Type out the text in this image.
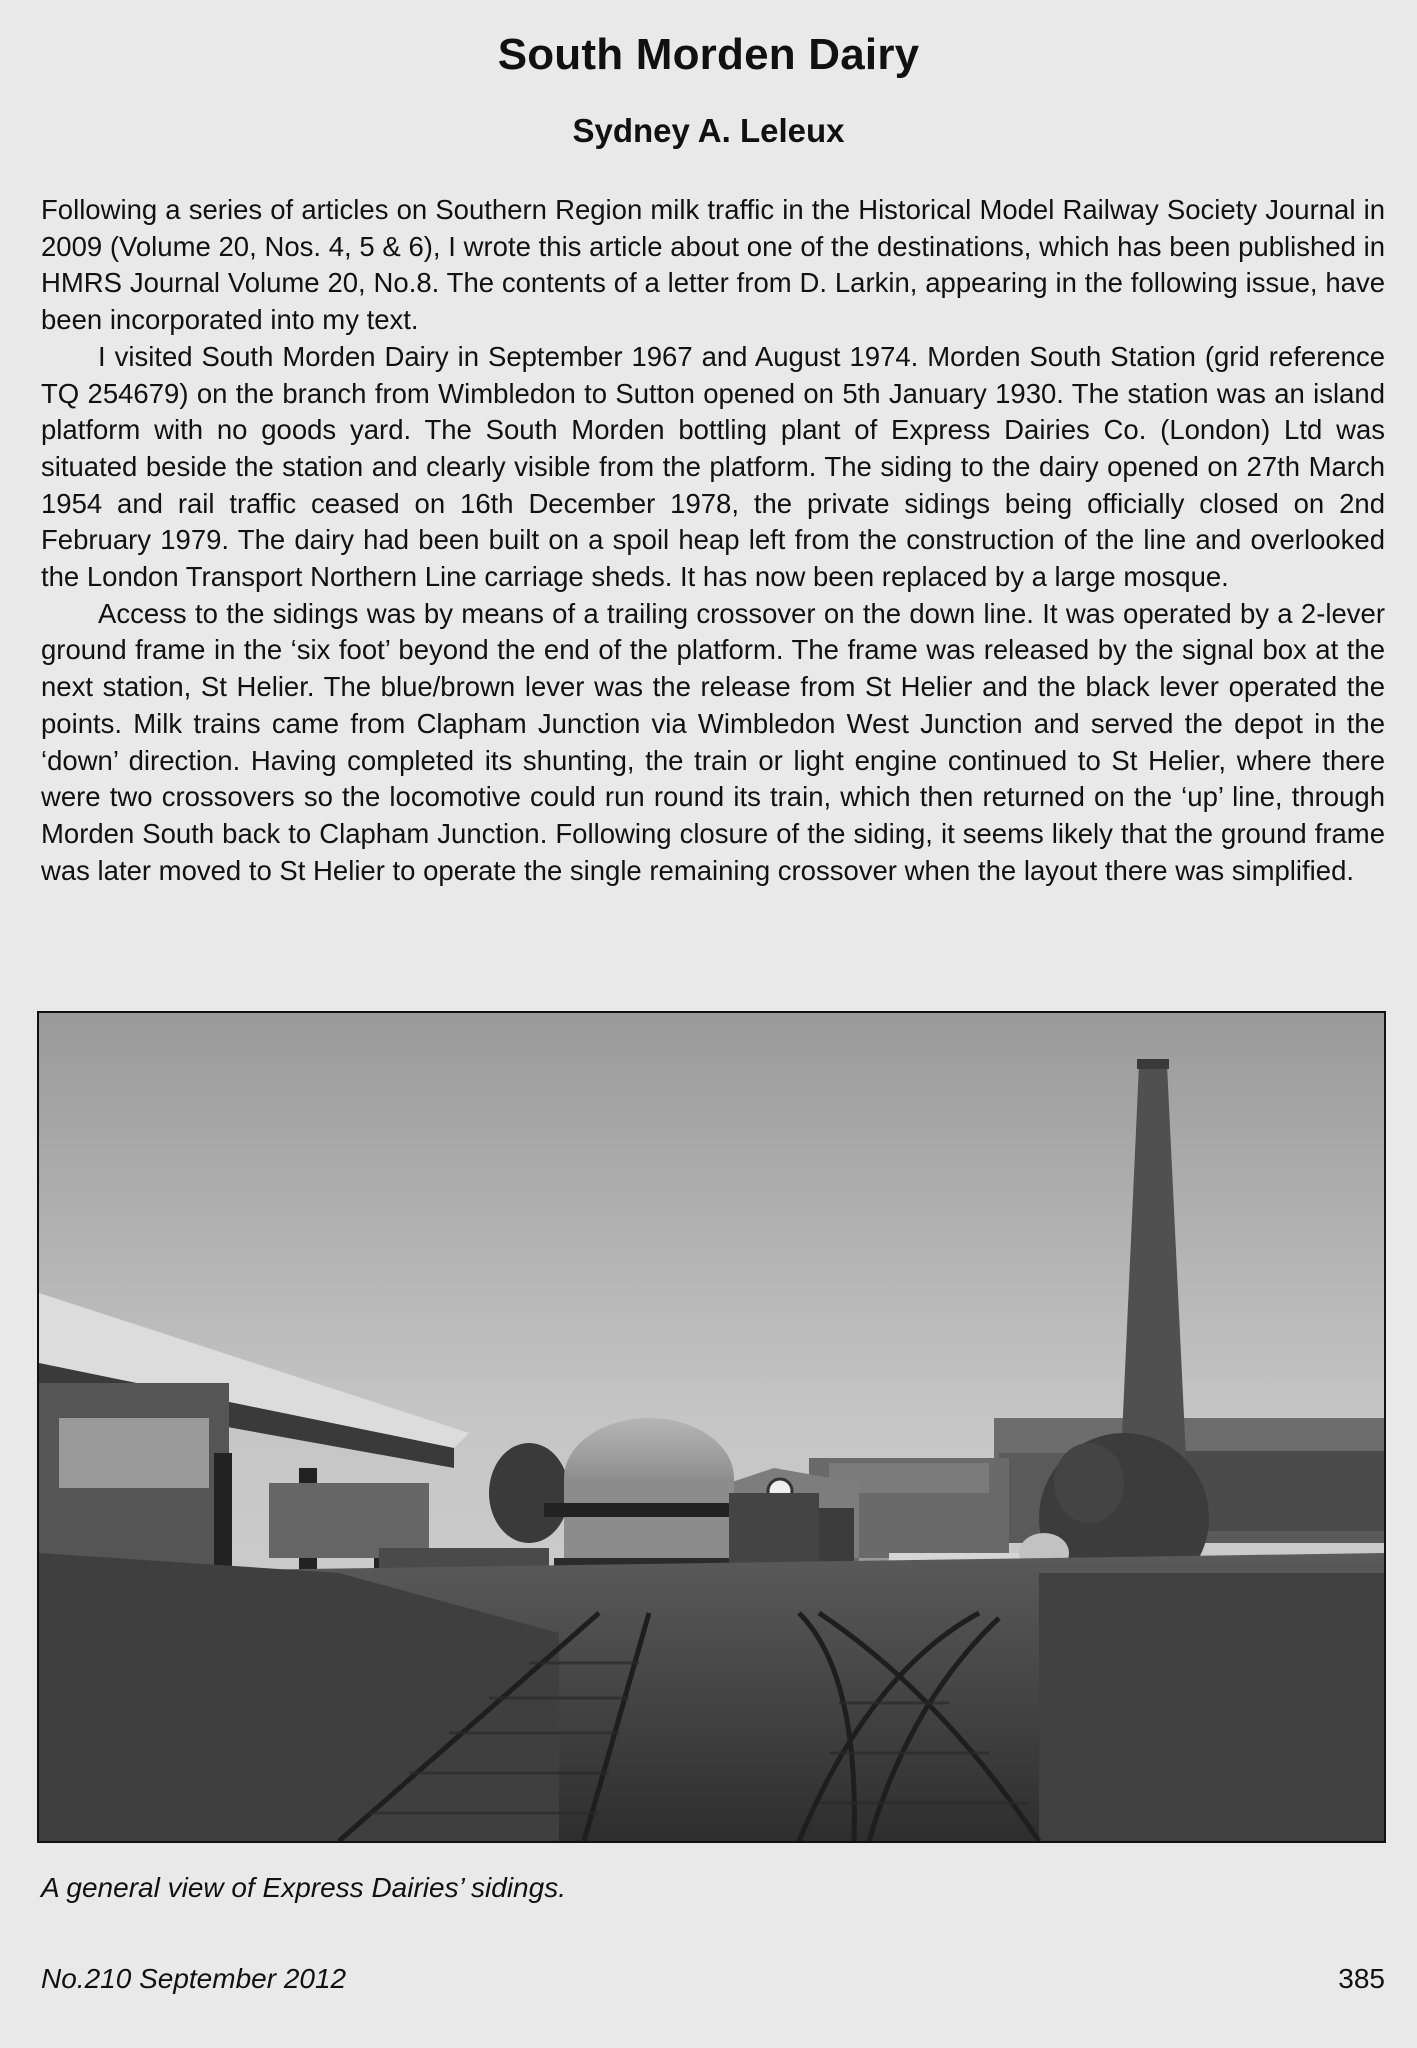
South Morden Dairy
Sydney A. Leleux

Following a series of articles on Southern Region milk traffic in the Historical Model Railway Society Journal in 2009 (Volume 20, Nos. 4, 5 & 6), I wrote this article about one of the destinations, which has been published in HMRS Journal Volume 20, No.8. The contents of a letter from D. Larkin, appearing in the following issue, have been incorporated into my text.

I visited South Morden Dairy in September 1967 and August 1974. Morden South Station (grid reference TQ 254679) on the branch from Wimbledon to Sutton opened on 5th January 1930. The station was an island platform with no goods yard. The South Morden bottling plant of Express Dairies Co. (London) Ltd was situated beside the station and clearly visible from the platform. The siding to the dairy opened on 27th March 1954 and rail traffic ceased on 16th December 1978, the private sidings being officially closed on 2nd February 1979. The dairy had been built on a spoil heap left from the construction of the line and overlooked the London Transport Northern Line carriage sheds. It has now been replaced by a large mosque.

Access to the sidings was by means of a trailing crossover on the down line. It was operated by a 2-lever ground frame in the ‘six foot’ beyond the end of the platform. The frame was released by the signal box at the next station, St Helier. The blue/brown lever was the release from St Helier and the black lever operated the points. Milk trains came from Clapham Junction via Wimbledon West Junction and served the depot in the ‘down’ direction. Having completed its shunting, the train or light engine continued to St Helier, where there were two crossovers so the locomotive could run round its train, which then returned on the ‘up’ line, through Morden South back to Clapham Junction. Following closure of the siding, it seems likely that the ground frame was later moved to St Helier to operate the single remaining crossover when the layout there was simplified.

A general view of Express Dairies’ sidings.
No.210 September 2012	385
